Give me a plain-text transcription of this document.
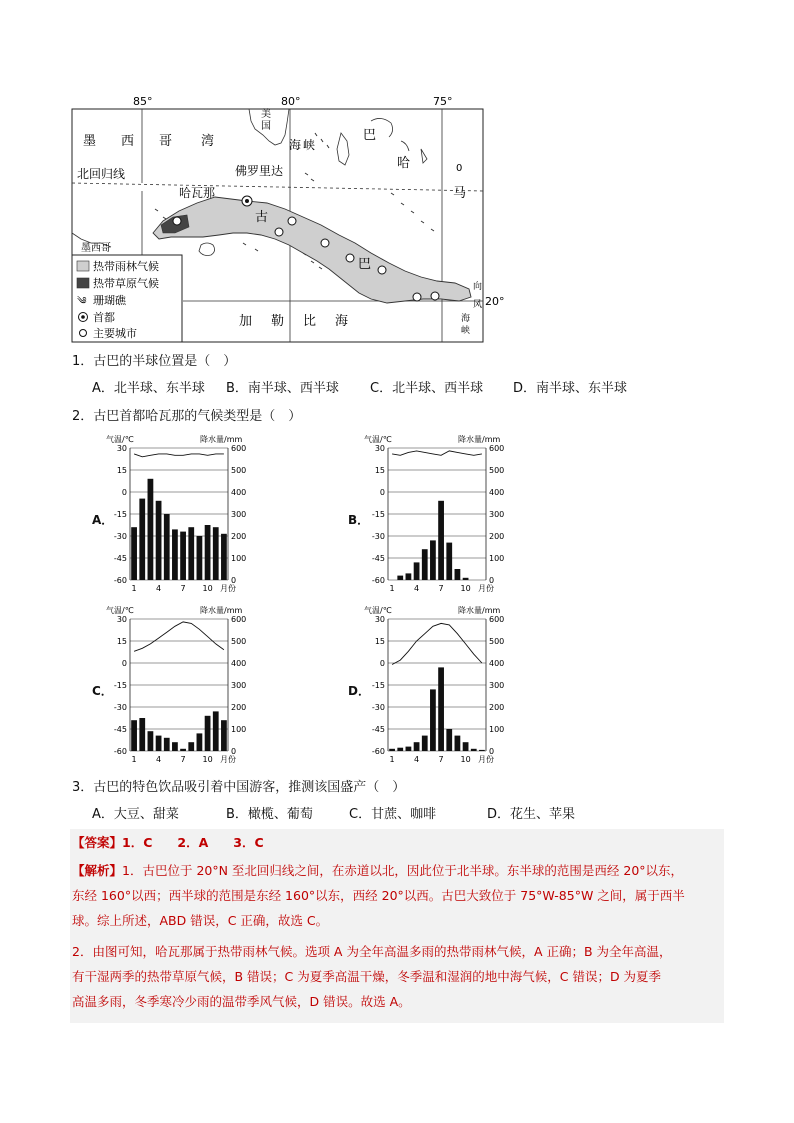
85°	80°	75°
20°
墨 西 哥 湾
美
国
佛罗里达
海 峡
巴
哈
马
0
北回归线
哈瓦那
古
巴
墨西哥
向
风
海
峡
加 勒 比 海
热带雨林气候
热带草原气候
༄ 珊瑚礁
首都
主要城市
1．古巴的半球位置是（　）
A．北半球、东半球 B．南半球、西半球 C．北半球、西半球 D．南半球、东半球
2．古巴首都哈瓦那的气候类型是（　）
A．	B．
C．	D．
气温/℃	降水量/mm
30	600
15	500
0	400
-15	300
-30	200
-45	100
-60	0
1 4 7 10 月份
气温/℃	降水量/mm
30	600
15	500
0	400
-15	300
-30	200
-45	100
-60	0
1 4 7 10 月份
气温/℃	降水量/mm
30	600
15	500
0	400
-15	300
-30	200
-45	100
-60	0
1 4 7 10 月份
气温/℃	降水量/mm
30	600
15	500
0	400
-15	300
-30	200
-45	100
-60	0
1 4 7 10 月份
3．古巴的特色饮品吸引着中国游客，推测该国盛产（　）
A．大豆、甜菜	B．橄榄、葡萄	C．甘蔗、咖啡	D．花生、苹果
【答案】1．C　　2．A　　3．C
【解析】1．古巴位于 20°N 至北回归线之间，在赤道以北，因此位于北半球。东半球的范围是西经 20°以东，
东经 160°以西；西半球的范围是东经 160°以东，西经 20°以西。古巴大致位于 75°W-85°W 之间，属于西半
球。综上所述，ABD 错误，C 正确，故选 C。
2．由图可知，哈瓦那属于热带雨林气候。选项 A 为全年高温多雨的热带雨林气候，A 正确；B 为全年高温，
有干湿两季的热带草原气候，B 错误；C 为夏季高温干燥，冬季温和湿润的地中海气候，C 错误；D 为夏季
高温多雨，冬季寒冷少雨的温带季风气候，D 错误。故选 A。
